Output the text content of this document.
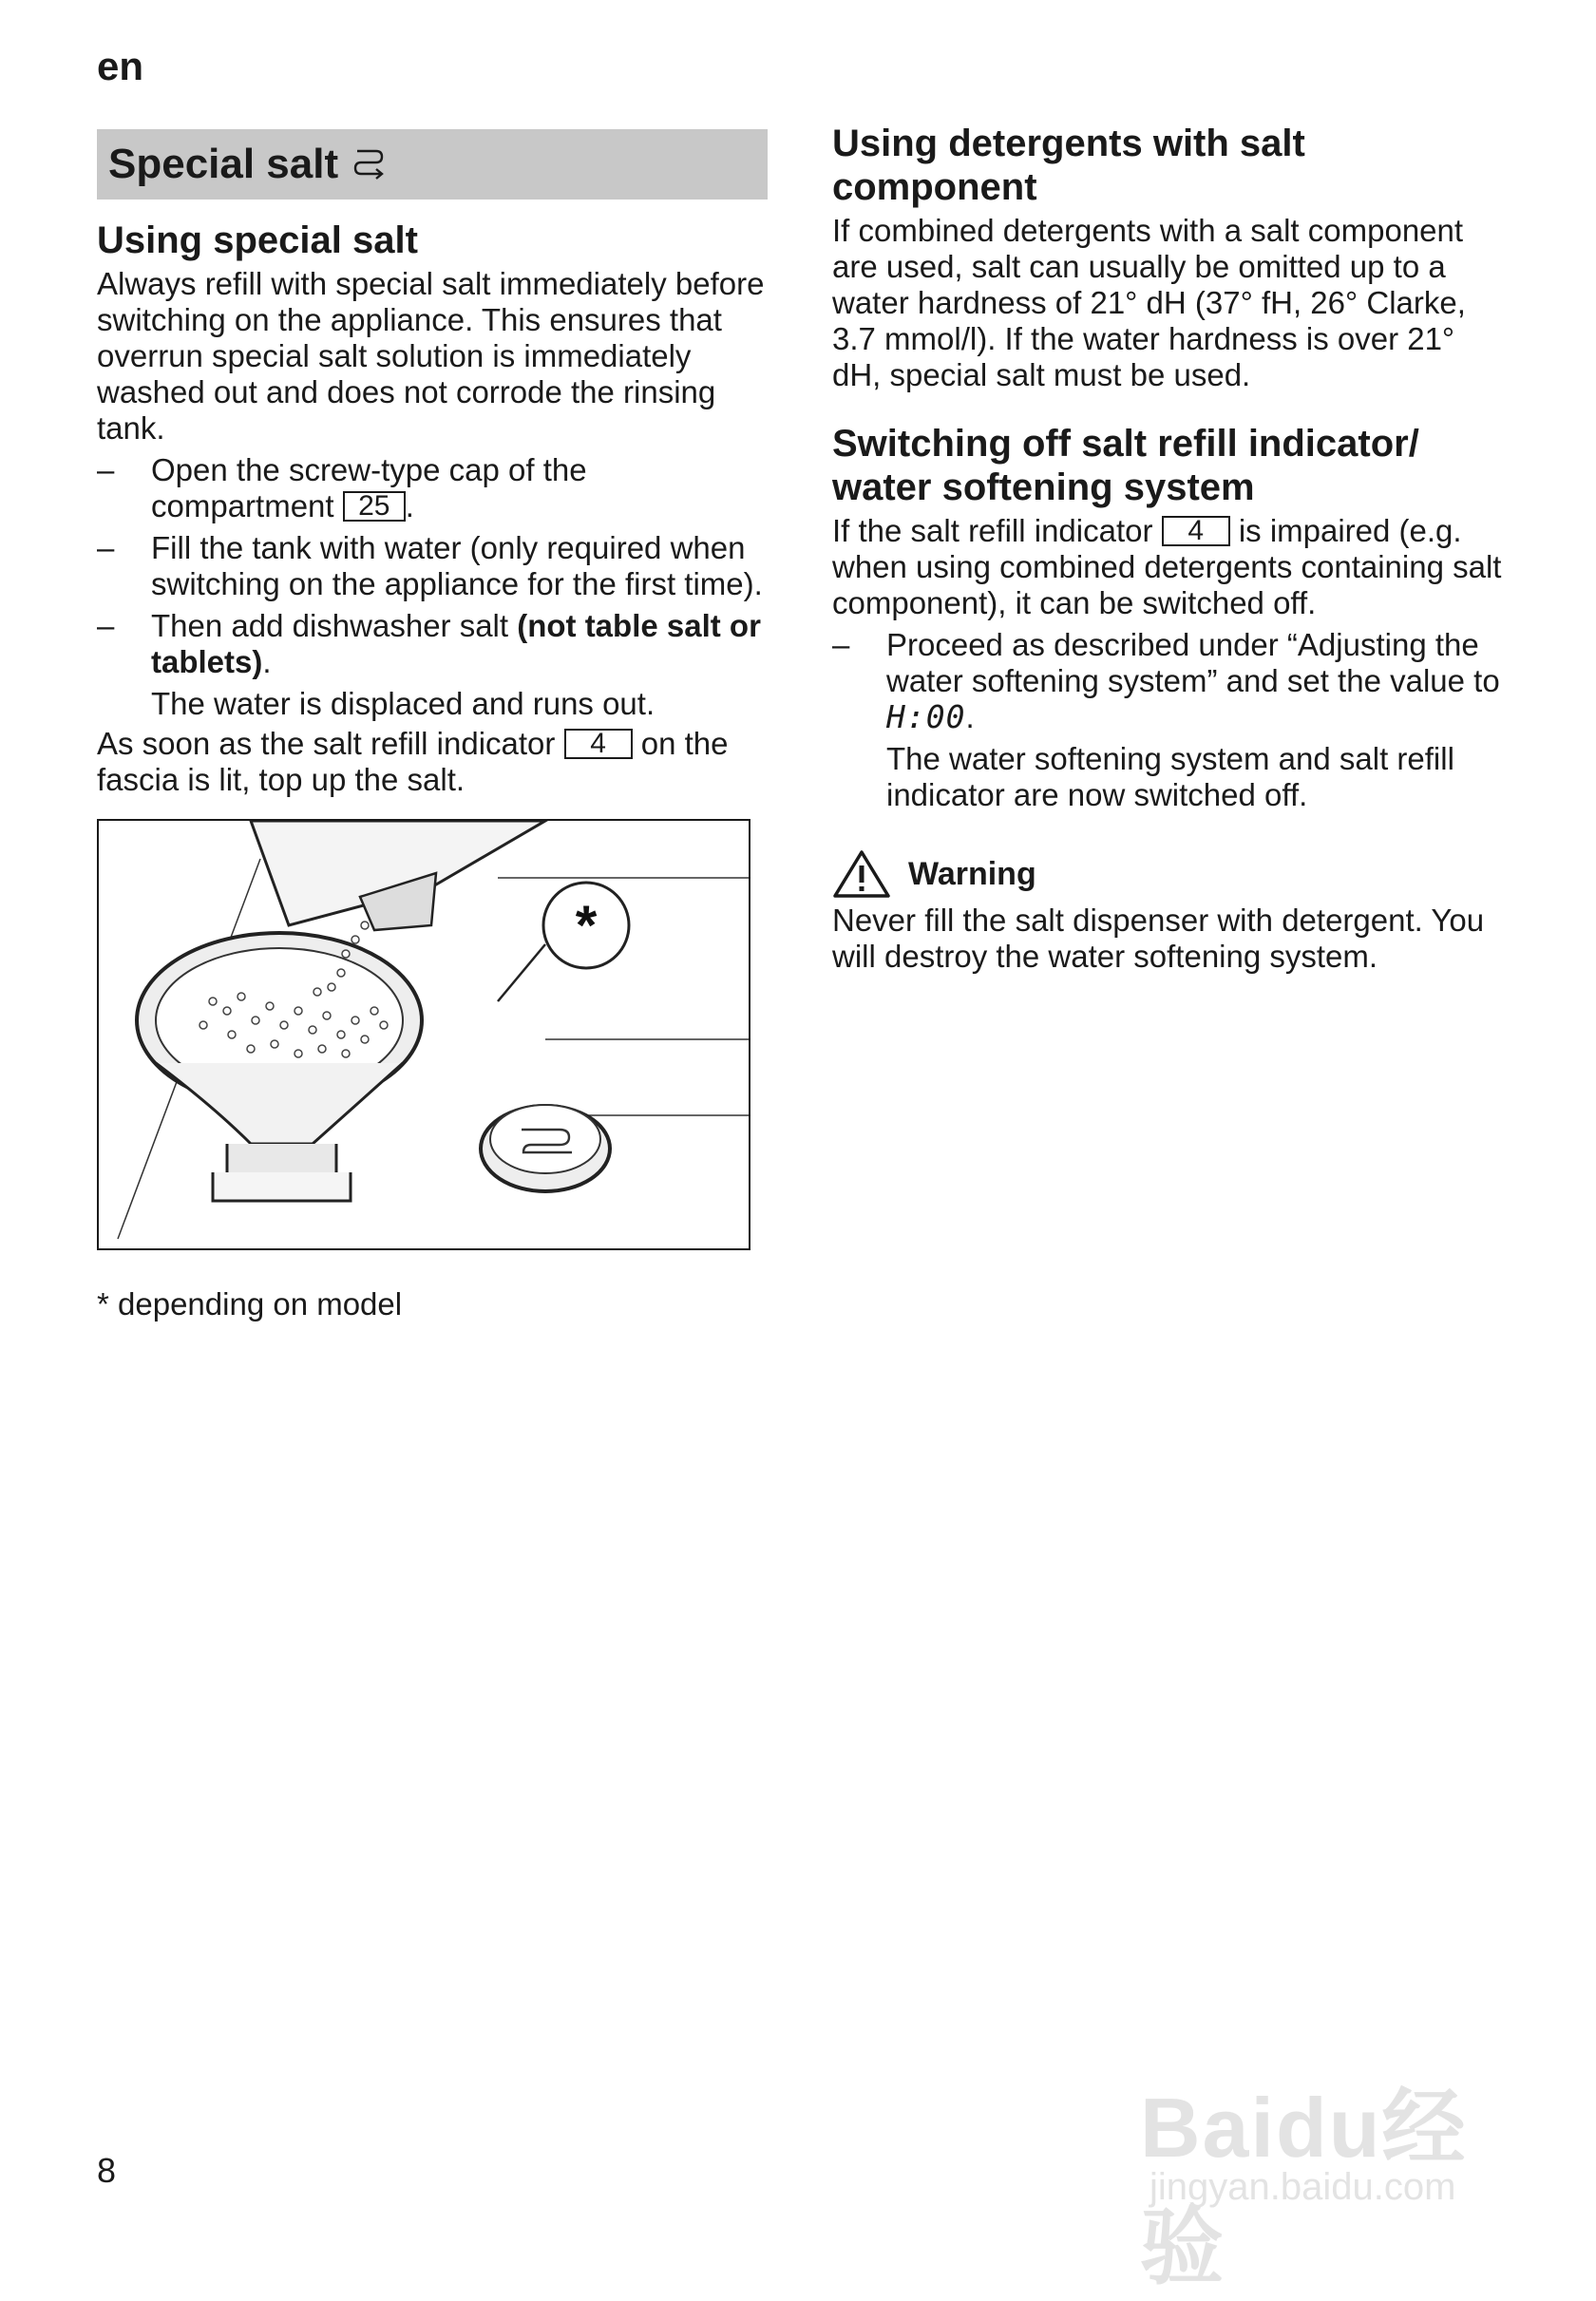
en
Special salt
Using special salt

Always refill with special salt immediately before switching on the appliance. This ensures that overrun special salt solution is immediately washed out and does not corrode the rinsing tank.

– Open the screw-type cap of the compartment 25 .
– Fill the tank with water (only required when switching on the appliance for the first time).
– Then add dishwasher salt (not table salt or tablets).
The water is displaced and runs out.

As soon as the salt refill indicator 4 on the fascia is lit, top up the salt.

*
* depending on model
Using detergents with salt component

If combined detergents with a salt component are used, salt can usually be omitted up to a water hardness of 21° dH (37° fH, 26° Clarke, 3.7 mmol/l). If the water hardness is over 21° dH, special salt must be used.

Switching off salt refill indicator/ water softening system

If the salt refill indicator 4 is impaired (e.g. when using combined detergents containing salt component), it can be switched off.

– Proceed as described under “Adjusting the water softening system” and set the value to H:00.
The water softening system and salt refill indicator are now switched off.
Warning

Never fill the salt dispenser with detergent. You will destroy the water softening system.

8	Baidu经验
jingyan.baidu.com
